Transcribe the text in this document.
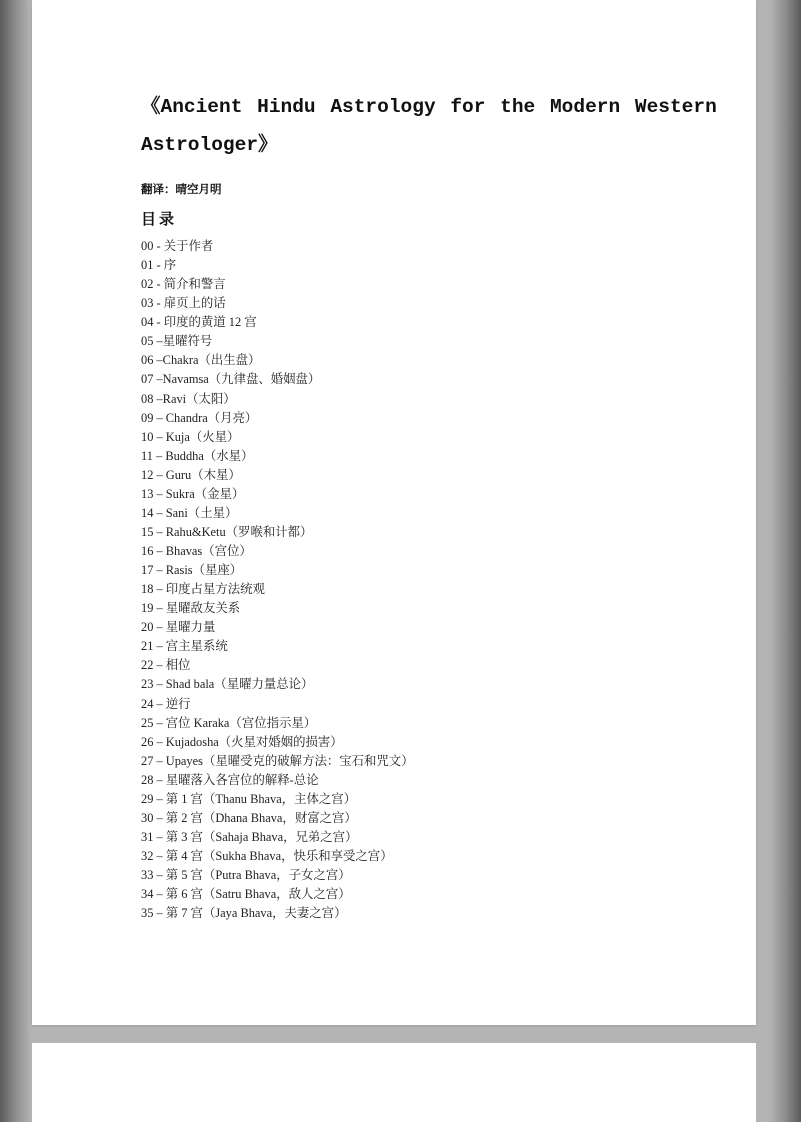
《Ancient Hindu Astrology for the Modern Western Astrologer》
翻译：晴空月明
目录
00 - 关于作者
01 - 序
02 - 简介和警言
03 - 扉页上的话
04 - 印度的黄道 12 宫
05 –星曜符号
06 –Chakra（出生盘）
07 –Navamsa（九律盘、婚姻盘）
08 –Ravi（太阳）
09 – Chandra（月亮）
10 – Kuja（火星）
11 – Buddha（水星）
12 – Guru（木星）
13 – Sukra（金星）
14 – Sani（土星）
15 – Rahu&Ketu（罗喉和计都）
16 – Bhavas（宫位）
17 – Rasis（星座）
18 – 印度占星方法统观
19 – 星曜敌友关系
20 – 星曜力量
21 – 宫主星系统
22 – 相位
23 – Shad bala（星曜力量总论）
24 – 逆行
25 – 宫位 Karaka（宫位指示星）
26 – Kujadosha（火星对婚姻的损害）
27 – Upayes（星曜受克的破解方法：宝石和咒文）
28 – 星曜落入各宫位的解释-总论
29 – 第 1 宫（Thanu Bhava，主体之宫）
30 – 第 2 宫（Dhana Bhava，财富之宫）
31 – 第 3 宫（Sahaja Bhava，兄弟之宫）
32 – 第 4 宫（Sukha Bhava，快乐和享受之宫）
33 – 第 5 宫（Putra Bhava，子女之宫）
34 – 第 6 宫（Satru Bhava，敌人之宫）
35 – 第 7 宫（Jaya Bhava，夫妻之宫）
